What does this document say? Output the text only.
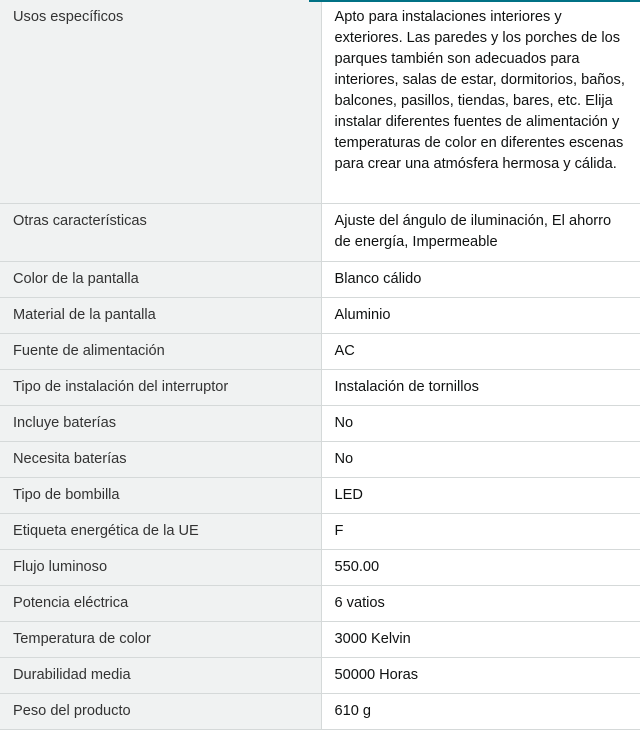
Usos específicos	Apto para instalaciones interiores y exteriores. Las paredes y los porches de los parques también son adecuados para interiores, salas de estar, dormitorios, baños, balcones, pasillos, tiendas, bares, etc. Elija instalar diferentes fuentes de alimentación y temperaturas de color en diferentes escenas para crear una atmósfera hermosa y cálida.

Otras características	Ajuste del ángulo de iluminación, El ahorro de energía, Impermeable

Color de la pantalla	Blanco cálido

Material de la pantalla	Aluminio

Fuente de alimentación	AC

Tipo de instalación del interruptor	Instalación de tornillos

Incluye baterías	No

Necesita baterías	No

Tipo de bombilla	LED

Etiqueta energética de la UE	F

Flujo luminoso	550.00

Potencia eléctrica	6 vatios

Temperatura de color	3000 Kelvin

Durabilidad media	50000 Horas

Peso del producto	610 g
